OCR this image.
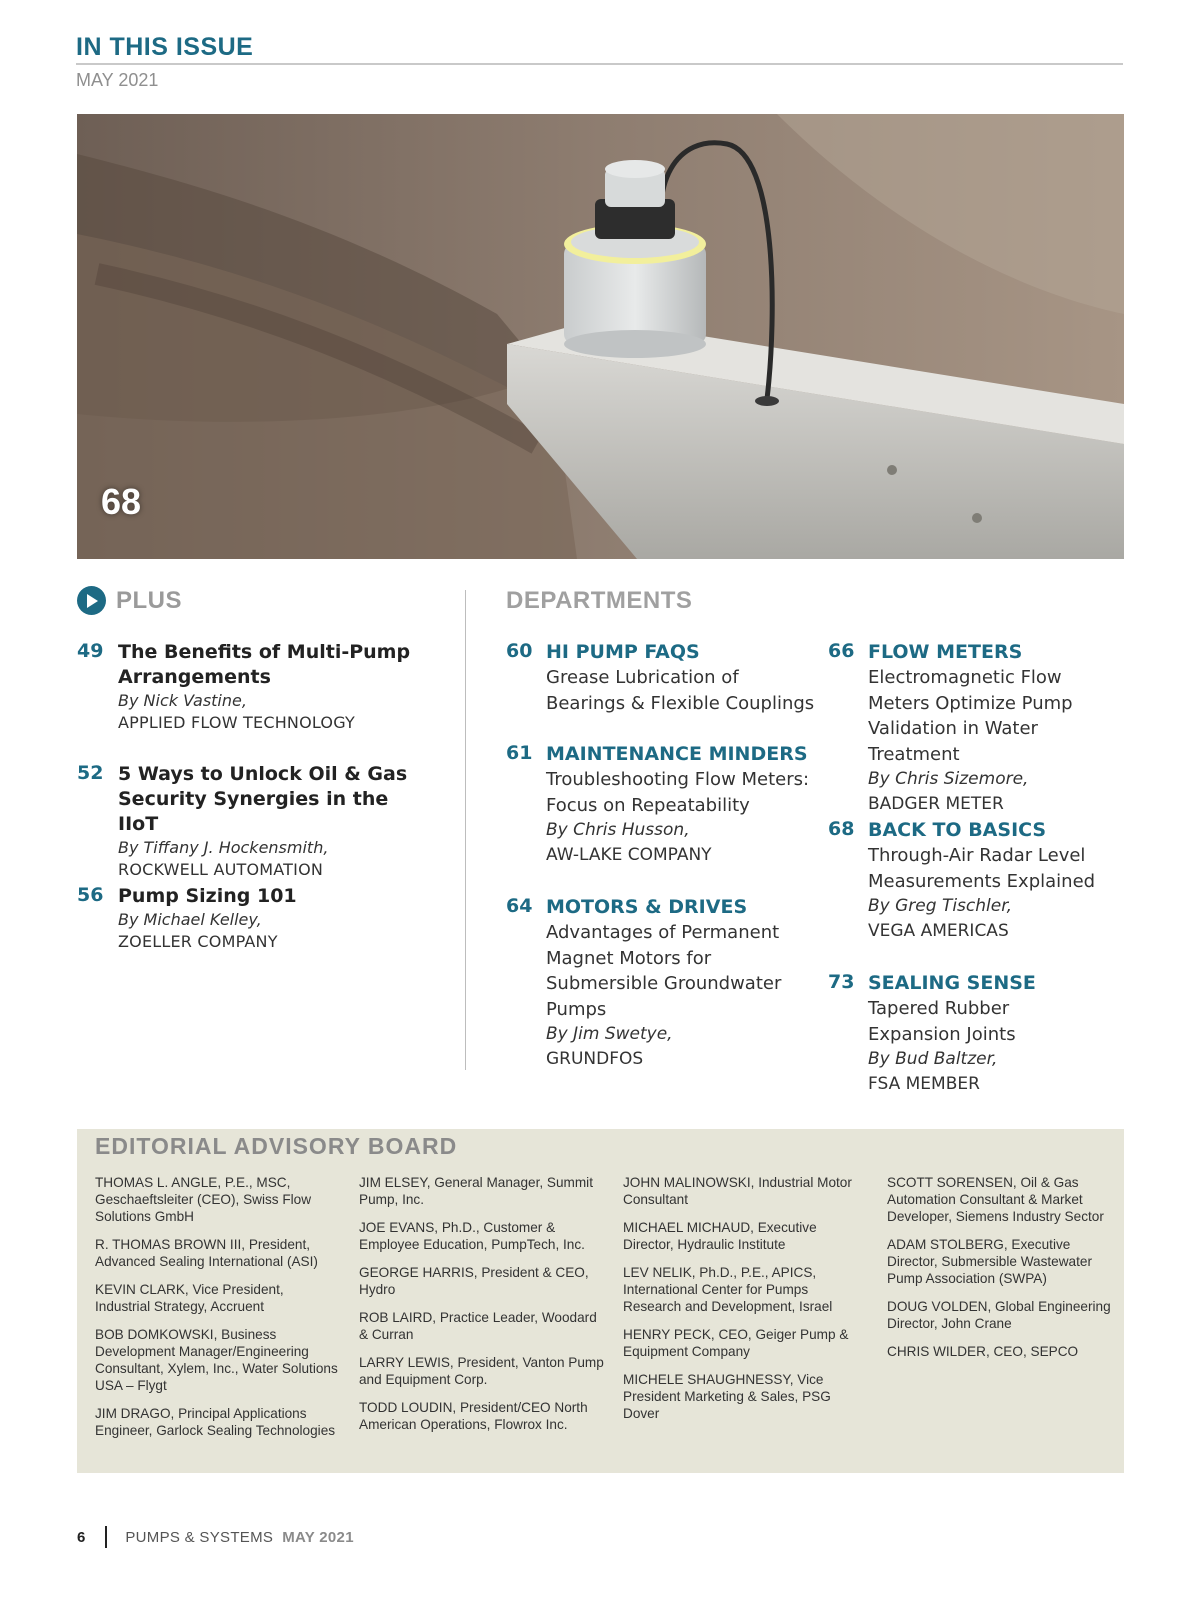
IN THIS ISSUE
MAY 2021
68
PLUS
49 The Benefits of Multi-Pump Arrangements
By Nick Vastine,
APPLIED FLOW TECHNOLOGY
52 5 Ways to Unlock Oil & Gas Security Synergies in the IIoT
By Tiffany J. Hockensmith,
ROCKWELL AUTOMATION
56 Pump Sizing 101
By Michael Kelley,
ZOELLER COMPANY
DEPARTMENTS
60 HI PUMP FAQS
Grease Lubrication of Bearings & Flexible Couplings
61 MAINTENANCE MINDERS
Troubleshooting Flow Meters: Focus on Repeatability
By Chris Husson,
AW-LAKE COMPANY
64 MOTORS & DRIVES
Advantages of Permanent Magnet Motors for Submersible Groundwater Pumps
By Jim Swetye,
GRUNDFOS
66 FLOW METERS
Electromagnetic Flow Meters Optimize Pump Validation in Water Treatment
By Chris Sizemore,
BADGER METER
68 BACK TO BASICS
Through-Air Radar Level Measurements Explained
By Greg Tischler,
VEGA AMERICAS
73 SEALING SENSE
Tapered Rubber Expansion Joints
By Bud Baltzer,
FSA MEMBER
EDITORIAL ADVISORY BOARD
THOMAS L. ANGLE, P.E., MSC, Geschaeftsleiter (CEO), Swiss Flow Solutions GmbH
R. THOMAS BROWN III, President, Advanced Sealing International (ASI)
KEVIN CLARK, Vice President, Industrial Strategy, Accruent
BOB DOMKOWSKI, Business Development Manager/Engineering Consultant, Xylem, Inc., Water Solutions USA – Flygt
JIM DRAGO, Principal Applications Engineer, Garlock Sealing Technologies
JIM ELSEY, General Manager, Summit Pump, Inc.
JOE EVANS, Ph.D., Customer & Employee Education, PumpTech, Inc.
GEORGE HARRIS, President & CEO, Hydro
ROB LAIRD, Practice Leader, Woodard & Curran
LARRY LEWIS, President, Vanton Pump and Equipment Corp.
TODD LOUDIN, President/CEO North American Operations, Flowrox Inc.
JOHN MALINOWSKI, Industrial Motor Consultant
MICHAEL MICHAUD, Executive Director, Hydraulic Institute
LEV NELIK, Ph.D., P.E., APICS, International Center for Pumps Research and Development, Israel
HENRY PECK, CEO, Geiger Pump & Equipment Company
MICHELE SHAUGHNESSY, Vice President Marketing & Sales, PSG Dover
SCOTT SORENSEN, Oil & Gas Automation Consultant & Market Developer, Siemens Industry Sector
ADAM STOLBERG, Executive Director, Submersible Wastewater Pump Association (SWPA)
DOUG VOLDEN, Global Engineering Director, John Crane
CHRIS WILDER, CEO, SEPCO
6	PUMPS & SYSTEMS MAY 2021
